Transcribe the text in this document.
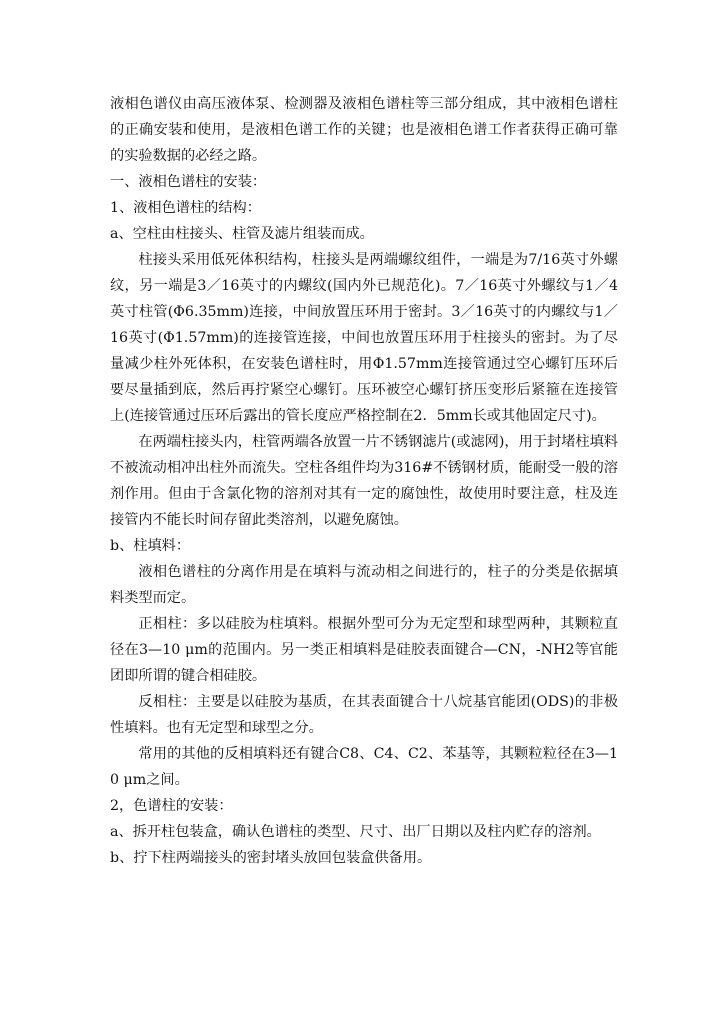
液相色谱仪由高压液体泵、检测器及液相色谱柱等三部分组成，其中液相色谱柱的正确安装和使用，是液相色谱工作的关键；也是液相色谱工作者获得正确可靠的实验数据的必经之路。

一、液相色谱柱的安装：

1、液相色谱柱的结构：

a、空柱由柱接头、柱管及滤片组装而成。

柱接头采用低死体积结构，柱接头是两端螺纹组件，一端是为7/16英寸外螺纹，另一端是3／16英寸的内螺纹(国内外已规范化)。7／16英寸外螺纹与1／4英寸柱管(Φ6.35mm)连接，中间放置压环用于密封。3／16英寸的内螺纹与1／16英寸(Φ1.57mm)的连接管连接，中间也放置压环用于柱接头的密封。为了尽量减少柱外死体积，在安装色谱柱时，用Φ1.57mm连接管通过空心螺钉压环后要尽量插到底，然后再拧紧空心螺钉。压环被空心螺钉挤压变形后紧箍在连接管上(连接管通过压环后露出的管长度应严格控制在2．5mm长或其他固定尺寸)。

在两端柱接头内，柱管两端各放置一片不锈钢滤片(或滤网)，用于封堵柱填料不被流动相冲出柱外而流失。空柱各组件均为316#不锈钢材质，能耐受一般的溶剂作用。但由于含氯化物的溶剂对其有一定的腐蚀性，故使用时要注意，柱及连接管内不能长时间存留此类溶剂，以避免腐蚀。

b、柱填料：

液相色谱柱的分离作用是在填料与流动相之间进行的，柱子的分类是依据填料类型而定。

正相柱：多以硅胶为柱填料。根据外型可分为无定型和球型两种，其颗粒直径在3—10 μm的范围内。另一类正相填料是硅胶表面键合—CN，-NH2等官能团即所谓的键合相硅胶。

反相柱：主要是以硅胶为基质，在其表面键合十八烷基官能团(ODS)的非极性填料。也有无定型和球型之分。

常用的其他的反相填料还有键合C8、C4、C2、苯基等，其颗粒粒径在3—10 μm之间。

2，色谱柱的安装：

a、拆开柱包装盒，确认色谱柱的类型、尺寸、出厂日期以及柱内贮存的溶剂。

b、拧下柱两端接头的密封堵头放回包装盒供备用。
